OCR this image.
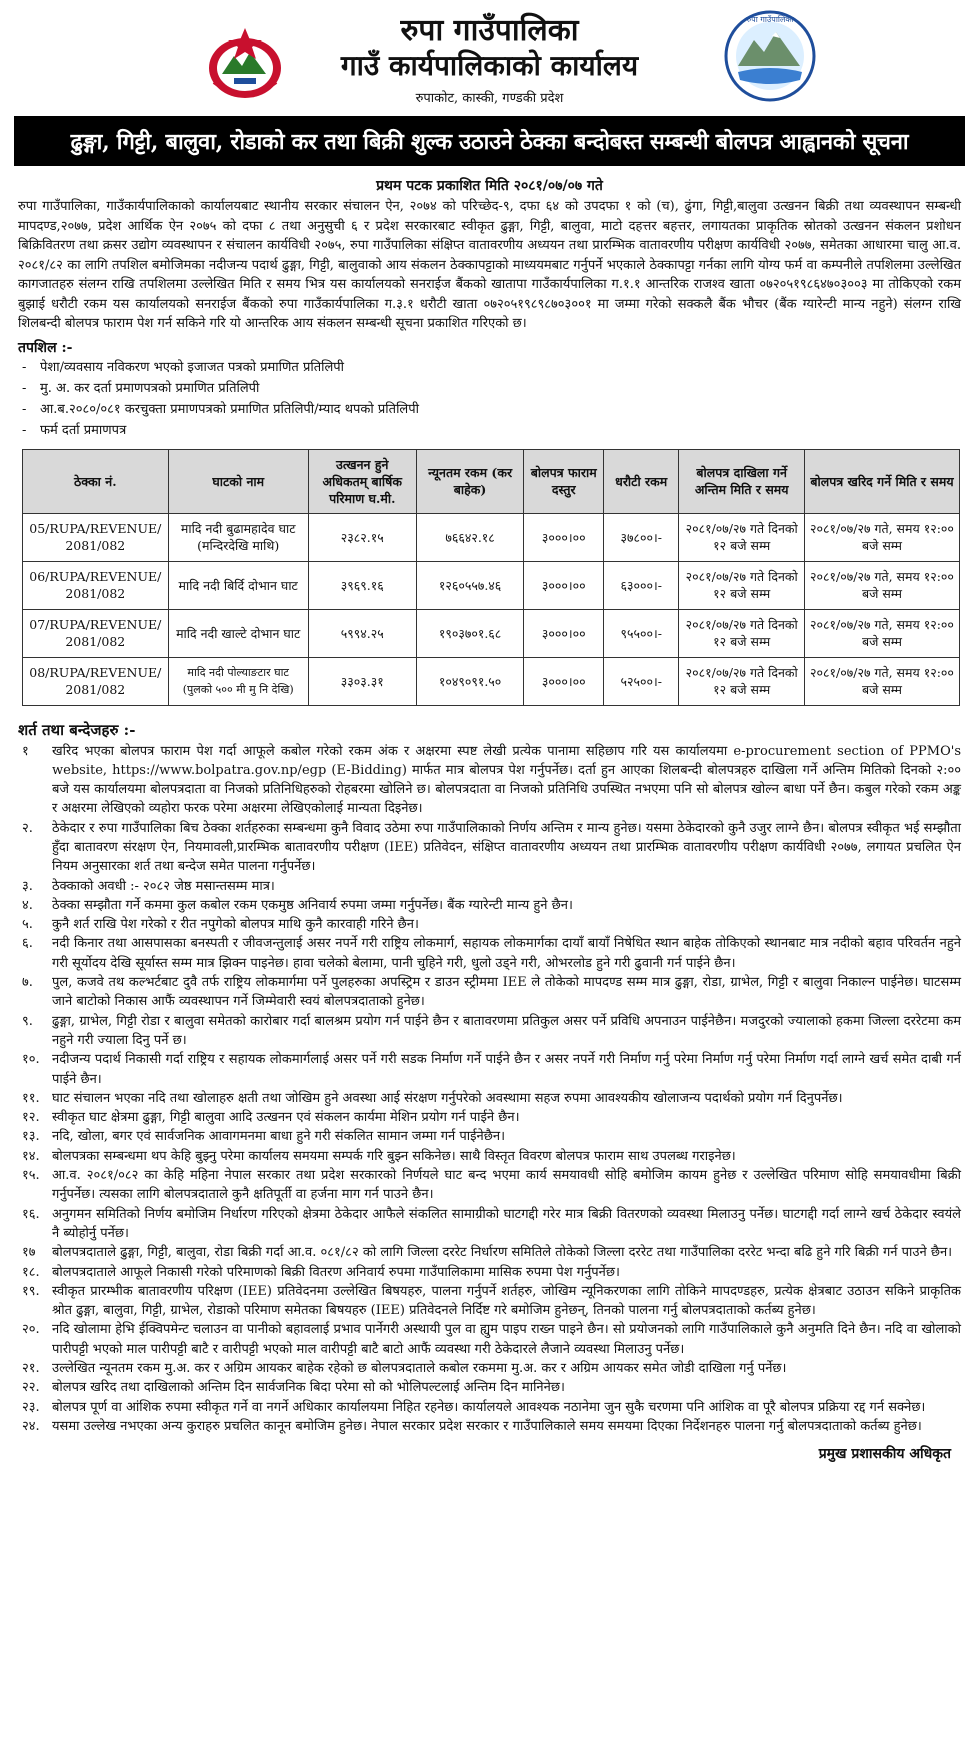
रुपा गाउँपालिका
गाउँ कार्यपालिकाको कार्यालय
रुपाकोट, कास्की, गण्डकी प्रदेश
रुपा गाउँपालिका
ढुङ्गा, गिट्टी, बालुवा, रोडाको कर तथा बिक्री शुल्क उठाउने ठेक्का बन्दोबस्त सम्बन्धी बोलपत्र आह्वानको सूचना
प्रथम पटक प्रकाशित मिति २०८१/०७/०७ गते

रुपा गाउँपालिका, गाउँकार्यपालिकाको कार्यालयबाट स्थानीय सरकार संचालन ऐन, २०७४ को परिच्छेद-९, दफा ६४ को उपदफा १ को (च), ढुंगा, गिट्टी,बालुवा उत्खनन बिक्री तथा व्यवस्थापन सम्बन्धी मापदण्ड,२०७७, प्रदेश आर्थिक ऐन २०७५ को दफा ८ तथा अनुसुची ६ र प्रदेश सरकारबाट स्वीकृत ढुङ्गा, गिट्टी, बालुवा, माटो दहत्तर बहत्तर, लगायतका प्राकृतिक स्रोतको उत्खनन संकलन प्रशोधन बिक्रिवितरण तथा क्रसर उद्योग व्यवस्थापन र संचालन कार्यविधी २०७५, रुपा गाउँपालिका संक्षिप्त वातावरणीय अध्ययन तथा प्रारम्भिक वातावरणीय परीक्षण कार्यविधी २०७७, समेतका आधारमा चालु आ.व. २०८१/८२ का लागि तपशिल बमोजिमका नदीजन्य पदार्थ ढुङ्गा, गिट्टी, बालुवाको आय संकलन ठेक्कापट्टाको माध्ययमबाट गर्नुपर्ने भएकाले ठेक्कापट्टा गर्नका लागि योग्य फर्म वा कम्पनीले तपशिलमा उल्लेखित कागजातहरु संलग्न राखि तपशिलमा उल्लेखित मिति र समय भित्र यस कार्यालयको सनराईज बैंकको खातापा गाउँकार्यपालिका ग.१.१ आन्तरिक राजश्व खाता ०७२०५१९८६४७०३००३ मा तोकिएको रकम बुझाई धरौटी रकम यस कार्यालयको सनराईज बैंकको रुपा गाउँकार्यपालिका ग.३.१ धरौटी खाता ०७२०५१९८९८७०३००१ मा जम्मा गरेको सक्कलै बैंक भौचर (बैंक ग्यारेन्टी मान्य नहुने) संलग्न राखि शिलबन्दी बोलपत्र फाराम पेश गर्न सकिने गरि यो आन्तरिक आय संकलन सम्बन्धी सूचना प्रकाशित गरिएको छ।

तपशिल :-
- पेशा/व्यवसाय नविकरण भएको इजाजत पत्रको प्रमाणित प्रतिलिपी
- मु. अ. कर दर्ता प्रमाणपत्रको प्रमाणित प्रतिलिपी
- आ.ब.२०८०/०८१ करचुक्ता प्रमाणपत्रको प्रमाणित प्रतिलिपी/म्याद थपको प्रतिलिपी
- फर्म दर्ता प्रमाणपत्र
ठेक्का नं.	घाटको नाम	उत्खनन हुने अधिकतम् बार्षिक परिमाण घ.मी.	न्यूनतम रकम (कर बाहेक)	बोलपत्र फाराम दस्तुर	धरौटी रकम	बोलपत्र दाखिला गर्ने अन्तिम मिति र समय	बोलपत्र खरिद गर्ने मिति र समय
05/RUPA/REVENUE/ 2081/082	मादि नदी बुढामहादेव घाट (मन्दिरदेखि माथि)	२३८२.१५	७६६४२.१८	३०००।००	३७८००।-	२०८१/०७/२७ गते दिनको १२ बजे सम्म	२०८१/०७/२७ गते, समय १२:०० बजे सम्म
06/RUPA/REVENUE/ 2081/082	मादि नदी बिर्दि दोभान घाट	३९६९.१६	१२६०५५७.४६	३०००।००	६३०००।-	२०८१/०७/२७ गते दिनको १२ बजे सम्म	२०८१/०७/२७ गते, समय १२:०० बजे सम्म
07/RUPA/REVENUE/ 2081/082	मादि नदी खाल्टे दोभान घाट	५९९४.२५	१९०३७०१.६८	३०००।००	९५५००।-	२०८१/०७/२७ गते दिनको १२ बजे सम्म	२०८१/०७/२७ गते, समय १२:०० बजे सम्म
08/RUPA/REVENUE/ 2081/082	मादि नदी पोल्याङटार घाट (पुलको ५०० मी मु नि देखि)	३३०३.३१	१०४९०९१.५०	३०००।००	५२५००।-	२०८१/०७/२७ गते दिनको १२ बजे सम्म	२०८१/०७/२७ गते, समय १२:०० बजे सम्म
शर्त तथा बन्देजहरु :-
१	खरिद भएका बोलपत्र फाराम पेश गर्दा आफूले कबोल गरेको रकम अंक र अक्षरमा स्पष्ट लेखी प्रत्येक पानामा सहिछाप गरि यस कार्यालयमा e-procurement section of PPMO's website, https://www.bolpatra.gov.np/egp (E-Bidding) मार्फत मात्र बोलपत्र पेश गर्नुपर्नेछ। दर्ता हुन आएका शिलबन्दी बोलपत्रहरु दाखिला गर्ने अन्तिम मितिको दिनको २:०० बजे यस कार्यालयमा बोलपत्रदाता वा निजको प्रतिनिधिहरुको रोहबरमा खोलिने छ। बोलपत्रदाता वा निजको प्रतिनिधि उपस्थित नभएमा पनि सो बोलपत्र खोल्न बाधा पर्ने छैन। कबुल गरेको रकम अङ्क र अक्षरमा लेखिएको व्यहोरा फरक परेमा अक्षरमा लेखिएकोलाई मान्यता दिइनेछ।
२.	ठेकेदार र रुपा गाउँपालिका बिच ठेक्का शर्तहरुका सम्बन्धमा कुनै विवाद उठेमा रुपा गाउँपालिकाको निर्णय अन्तिम र मान्य हुनेछ। यसमा ठेकेदारको कुनै उजुर लाग्ने छैन। बोलपत्र स्वीकृत भई सम्झौता हुँदा बातावरण संरक्षण ऐन, नियमावली,प्रारम्भिक बातावरणीय परीक्षण (IEE) प्रतिवेदन, संक्षिप्त वातावरणीय अध्ययन तथा प्रारम्भिक वातावरणीय परीक्षण कार्यविधी २०७७, लगायत प्रचलित ऐन नियम अनुसारका शर्त तथा बन्देज समेत पालना गर्नुपर्नेछ।
३.	ठेक्काको अवधी :- २०८२ जेष्ठ मसान्तसम्म मात्र।
४.	ठेक्का सम्झौता गर्ने कममा कुल कबोल रकम एकमुष्ठ अनिवार्य रुपमा जम्मा गर्नुपर्नेछ। बैंक ग्यारेन्टी मान्य हुने छैन।
५.	कुनै शर्त राखि पेश गरेको र रीत नपुगेको बोलपत्र माथि कुनै कारवाही गरिने छैन।
६.	नदी किनार तथा आसपासका बनस्पती र जीवजन्तुलाई असर नपर्ने गरी राष्ट्रिय लोकमार्ग, सहायक लोकमार्गका दायाँ बायाँ निषेधित स्थान बाहेक तोकिएको स्थानबाट मात्र नदीको बहाव परिवर्तन नहुने गरी सूर्योदय देखि सूर्यास्त सम्म मात्र झिक्न पाइनेछ। हावा चलेको बेलामा, पानी चुहिने गरी, धुलो उड्ने गरी, ओभरलोड हुने गरी ढुवानी गर्न पाईने छैन।
७.	पुल, कजवे तथ कल्भर्टबाट दुवै तर्फ राष्ट्रिय लोकमार्गमा पर्ने पुलहरुका अपस्ट्रिम र डाउन स्ट्रीममा IEE ले तोकेको मापदण्ड सम्म मात्र ढुङ्गा, रोडा, ग्राभेल, गिट्टी र बालुवा निकाल्न पाईनेछ। घाटसम्म जाने बाटोको निकास आफैं व्यवस्थापन गर्ने जिम्मेवारी स्वयं बोलपत्रदाताको हुनेछ।
९.	ढुङ्गा, ग्राभेल, गिट्टी रोडा र बालुवा समेतको कारोबार गर्दा बालश्रम प्रयोग गर्न पाईने छैन र बातावरणमा प्रतिकुल असर पर्ने प्रविधि अपनाउन पाईनेछैन। मजदुरको ज्यालाको हकमा जिल्ला दररेटमा कम नहुने गरी ज्याला दिनु पर्ने छ।
१०. नदीजन्य पदार्थ निकासी गर्दा राष्ट्रिय र सहायक लोकमार्गलाई असर पर्ने गरी सडक निर्माण गर्ने पाईने छैन र असर नपर्ने गरी निर्माण गर्नु परेमा निर्माण गर्नु परेमा निर्माण गर्दा लाग्ने खर्च समेत दाबी गर्न पाईने छैन।
११. घाट संचालन भएका नदि तथा खोलाहरु क्षती तथा जोखिम हुने अवस्था आई संरक्षण गर्नुपरेको अवस्थामा सहज रुपमा आवश्यकीय खोलाजन्य पदार्थको प्रयोग गर्न दिनुपर्नेछ।
१२. स्वीकृत घाट क्षेत्रमा ढुङ्गा, गिट्टी बालुवा आदि उत्खनन एवं संकलन कार्यमा मेशिन प्रयोग गर्न पाईने छैन।
१३. नदि, खोला, बगर एवं सार्वजनिक आवागमनमा बाधा हुने गरी संकलित सामान जम्मा गर्न पाईनेछैन।
१४. बोलपत्रका सम्बन्धमा थप केहि बुझ्नु परेमा कार्यालय समयमा सम्पर्क गरि बुझ्न सकिनेछ। साथै विस्तृत विवरण बोलपत्र फाराम साथ उपलब्ध गराइनेछ।
१५. आ.व. २०८१/०८२ का केहि महिना नेपाल सरकार तथा प्रदेश सरकारको निर्णयले घाट बन्द भएमा कार्य समयावधी सोहि बमोजिम कायम हुनेछ र उल्लेखित परिमाण सोहि समयावधीमा बिक्री गर्नुपर्नेछ। त्यसका लागि बोलपत्रदाताले कुनै क्षतिपूर्ती वा हर्जना माग गर्न पाउने छैन।
१६. अनुगमन समितिको निर्णय बमोजिम निर्धारण गरिएको क्षेत्रमा ठेकेदार आफैले संकलित सामाग्रीको घाटगद्दी गरेर मात्र बिक्री वितरणको व्यवस्था मिलाउनु पर्नेछ। घाटगद्दी गर्दा लाग्ने खर्च ठेकेदार स्वयंले नै ब्योहोर्नु पर्नेछ।
१७	बोलपत्रदाताले ढुङ्गा, गिट्टी, बालुवा, रोडा बिक्री गर्दा आ.व. ०८१/८२ को लागि जिल्ला दररेट निर्धारण समितिले तोकेको जिल्ला दररेट तथा गाउँपालिका दररेट भन्दा बढि हुने गरि बिक्री गर्न पाउने छैन।
१८. बोलपत्रदाताले आफूले निकासी गरेको परिमाणको बिक्री वितरण अनिवार्य रुपमा गाउँपालिकामा मासिक रुपमा पेश गर्नुपर्नेछ।
१९. स्वीकृत प्रारम्भीक बातावरणीय परिक्षण (IEE) प्रतिवेदनमा उल्लेखित बिषयहरु, पालना गर्नुपर्ने शर्तहरु, जोखिम न्यूनिकरणका लागि तोकिने मापदण्डहरु, प्रत्येक क्षेत्रबाट उठाउन सकिने प्राकृतिक श्रोत ढुङ्गा, बालुवा, गिट्टी, ग्राभेल, रोडाको परिमाण समेतका बिषयहरु (IEE) प्रतिवेदनले निर्दिष्ट गरे बमोजिम हुनेछन्, तिनको पालना गर्नु बोलपत्रदाताको कर्तब्य हुनेछ।
२०. नदि खोलामा हेभि ईक्विपमेन्ट चलाउन वा पानीको बहावलाई प्रभाव पार्नेगरी अस्थायी पुल वा ह्युम पाइप राख्न पाइने छैन। सो प्रयोजनको लागि गाउँपालिकाले कुनै अनुमति दिने छैन। नदि वा खोलाको पारीपट्टी भएको माल पारीपट्टी बाटै र वारीपट्टी भएको माल वारीपट्टी बाटै बाटो आफैं व्यवस्था गरी ठेकेदारले लैजाने व्यवस्था मिलाउनु पर्नेछ।
२१. उल्लेखित न्यूनतम रकम मु.अ. कर र अग्रिम आयकर बाहेक रहेको छ बोलपत्रदाताले कबोल रकममा मु.अ. कर र अग्रिम आयकर समेत जोडी दाखिला गर्नु पर्नेछ।
२२. बोलपत्र खरिद तथा दाखिलाको अन्तिम दिन सार्वजनिक बिदा परेमा सो को भोलिपल्टलाई अन्तिम दिन मानिनेछ।
२३. बोलपत्र पूर्ण वा आंशिक रुपमा स्वीकृत गर्ने वा नगर्ने अधिकार कार्यालयमा निहित रहनेछ। कार्यालयले आवश्यक नठानेमा जुन सुकै चरणमा पनि आंशिक वा पूरै बोलपत्र प्रक्रिया रद्द गर्न सक्नेछ।
२४. यसमा उल्लेख नभएका अन्य कुराहरु प्रचलित कानून बमोजिम हुनेछ। नेपाल सरकार प्रदेश सरकार र गाउँपालिकाले समय समयमा दिएका निर्देशनहरु पालना गर्नु बोलपत्रदाताको कर्तब्य हुनेछ।
प्रमुख प्रशासकीय अधिकृत
